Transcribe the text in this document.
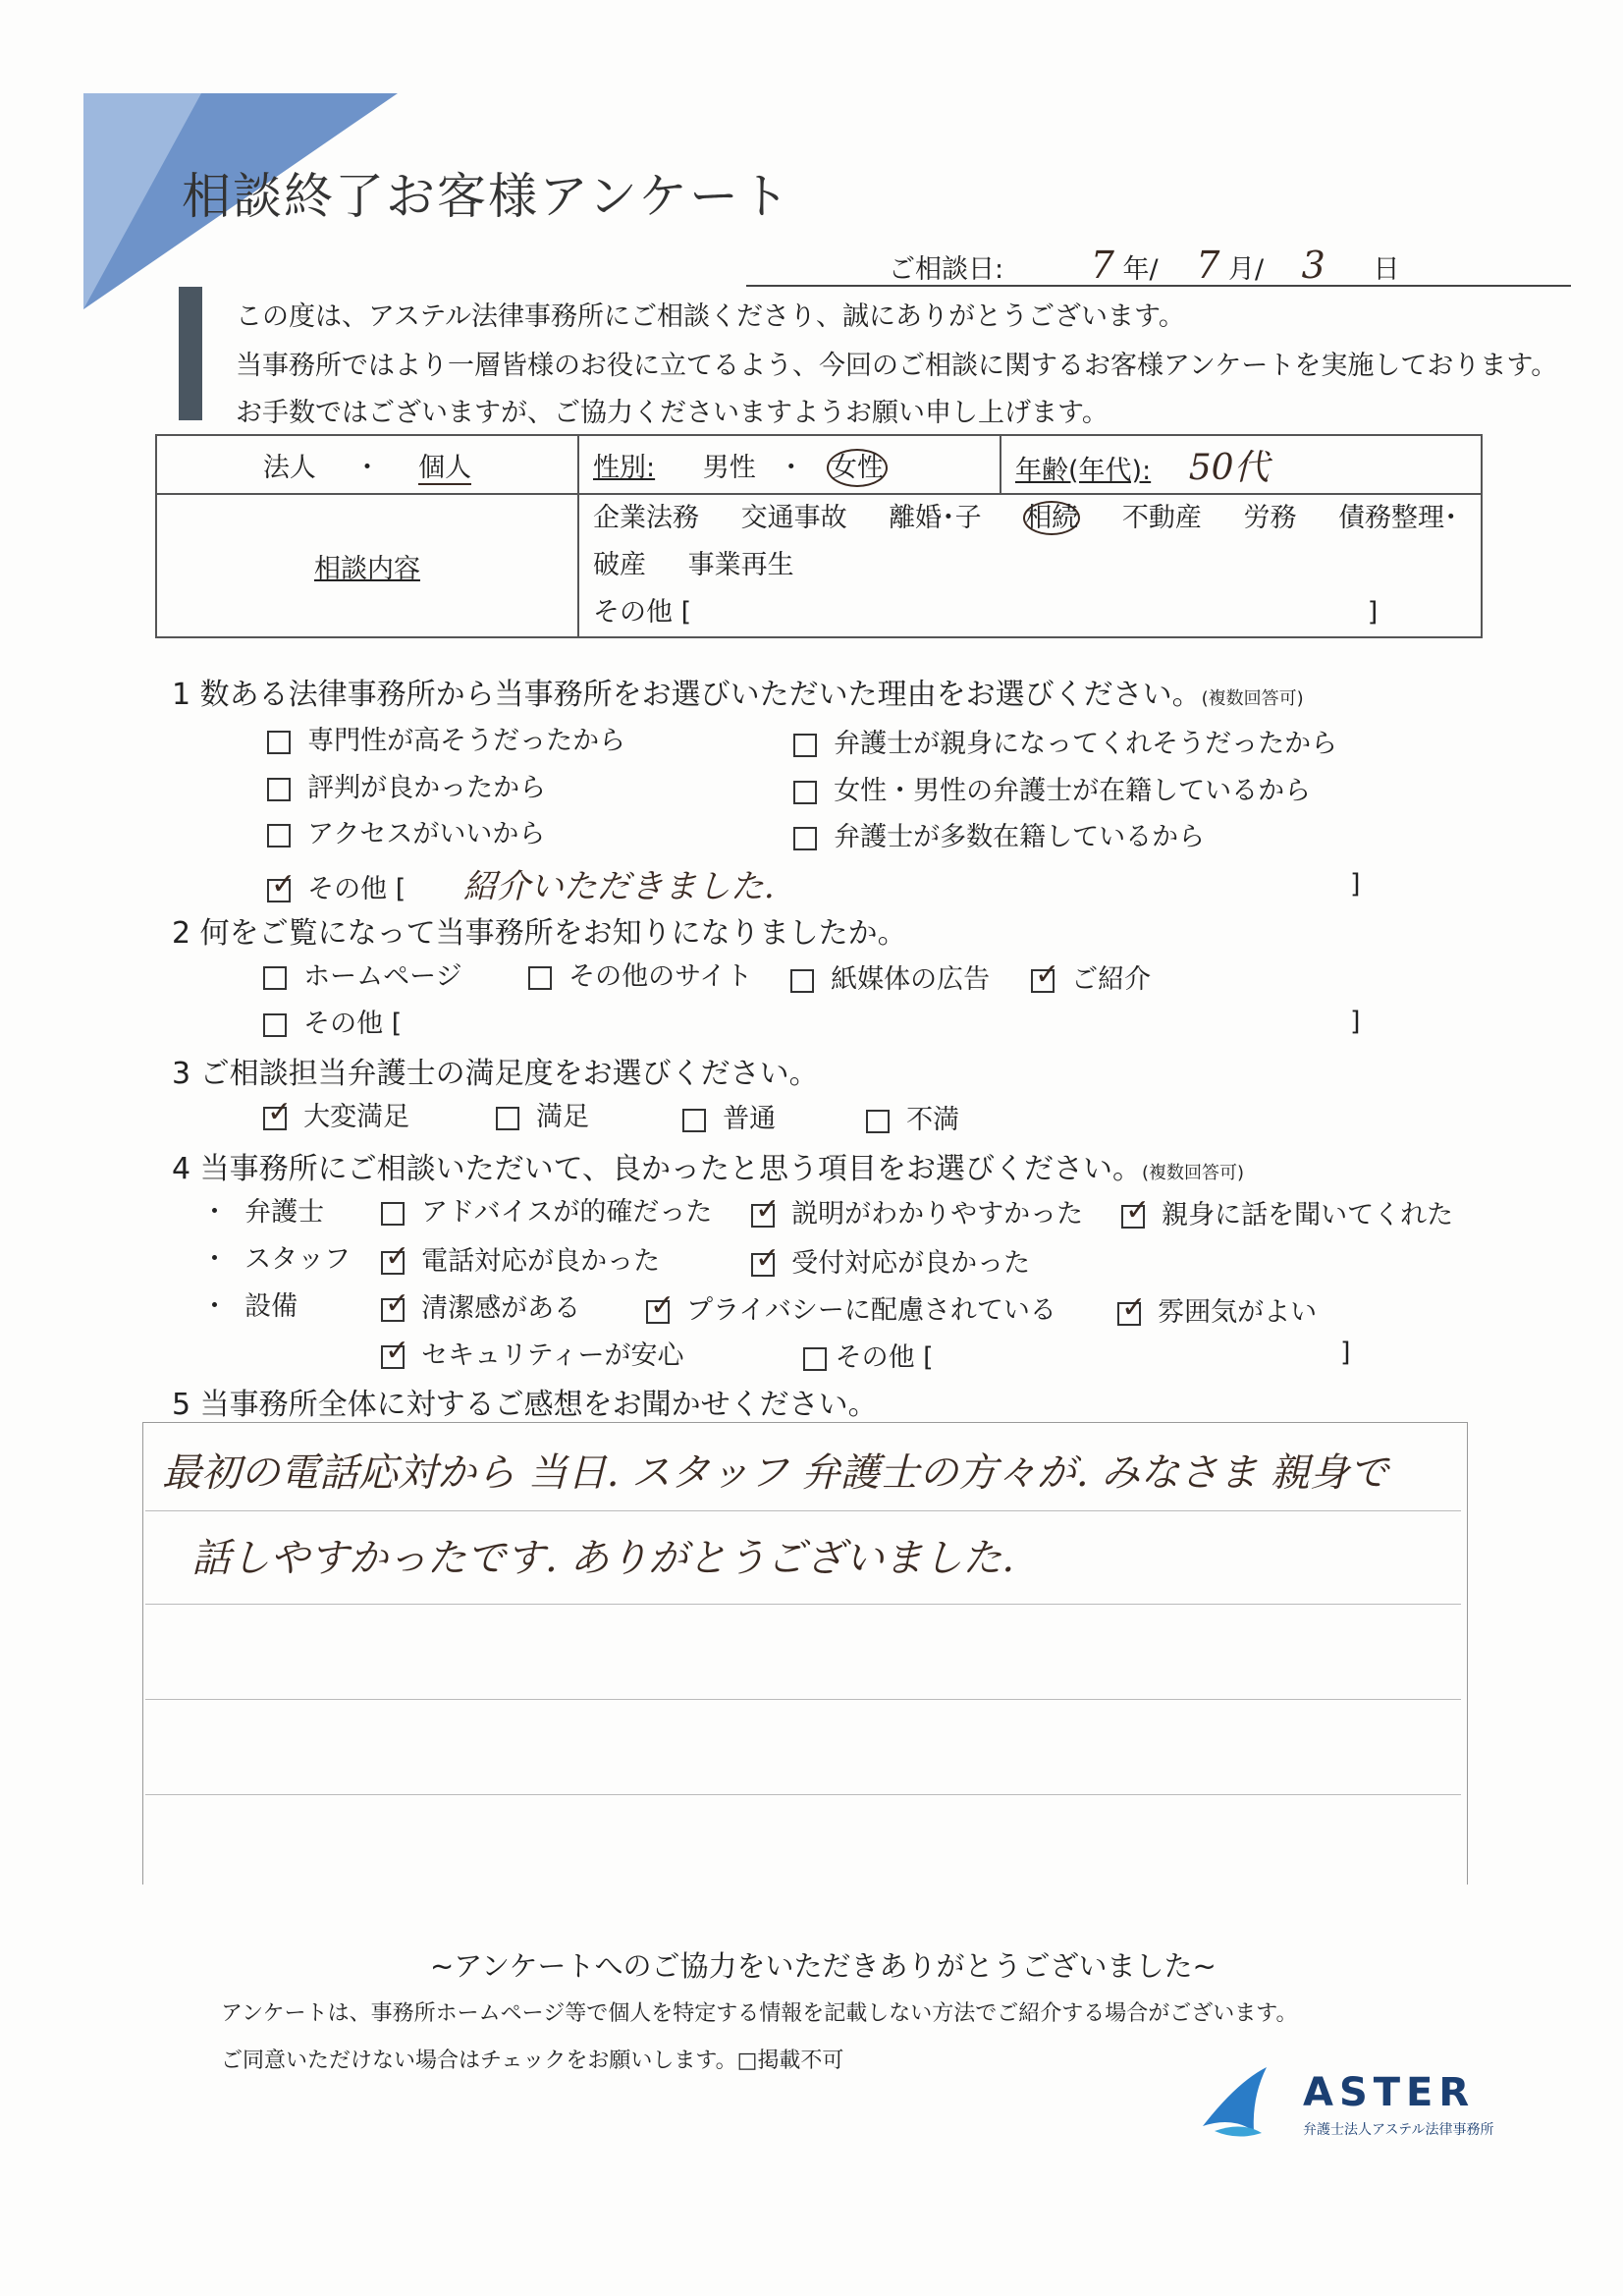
相談終了お客様アンケート
ご相談日: 7 年/ 7 月/ 3 日
この度は、アステル法律事務所にご相談くださり、誠にありがとうございます。
当事務所ではより一層皆様のお役に立てるよう、今回のご相談に関するお客様アンケートを実施しております。
お手数ではございますが、ご協力くださいますようお願い申し上げます。
法人 ・ 個人	性別: 男性 ・ 女性	年齢(年代): 50代
相談内容	企業法務 交通事故 離婚･子 相続 不動産 労務 債務整理･破産 事業再生
その他 [ ]	
1 数ある法律事務所から当事務所をお選びいただいた理由をお選びください。(複数回答可)
専門性が高そうだったから	弁護士が親身になってくれそうだったから
評判が良かったから	女性・男性の弁護士が在籍しているから
アクセスがいいから	弁護士が多数在籍しているから
✓  その他 [ 紹介いただきました.	]
2 何をご覧になって当事務所をお知りになりましたか。
ホームページ	その他のサイト	紙媒体の広告 ✓	ご紹介
その他 [	]
3 ご相談担当弁護士の満足度をお選びください。
✓  大変満足	満足	普通	不満
4 当事務所にご相談いただいて、良かったと思う項目をお選びください。(複数回答可)
・ 弁護士	アドバイスが的確だった ✓	説明がわかりやすかった ✓	親身に話を聞いてくれた
・ スタッフ ✓	電話対応が良かった ✓	受付対応が良かった
・ 設備 ✓	清潔感がある ✓	プライバシーに配慮されている ✓	雰囲気がよい
✓  セキュリティーが安心	その他 [	]
5 当事務所全体に対するご感想をお聞かせください。
最初の電話応対から 当日. スタッフ 弁護士の方々が. みなさま 親身で
話しやすかったです. ありがとうございました.
~アンケートへのご協力をいただきありがとうございました~
アンケートは、事務所ホームページ等で個人を特定する情報を記載しない方法でご紹介する場合がございます。
ご同意いただけない場合はチェックをお願いします。□掲載不可
ASTER
弁護士法人アステル法律事務所
